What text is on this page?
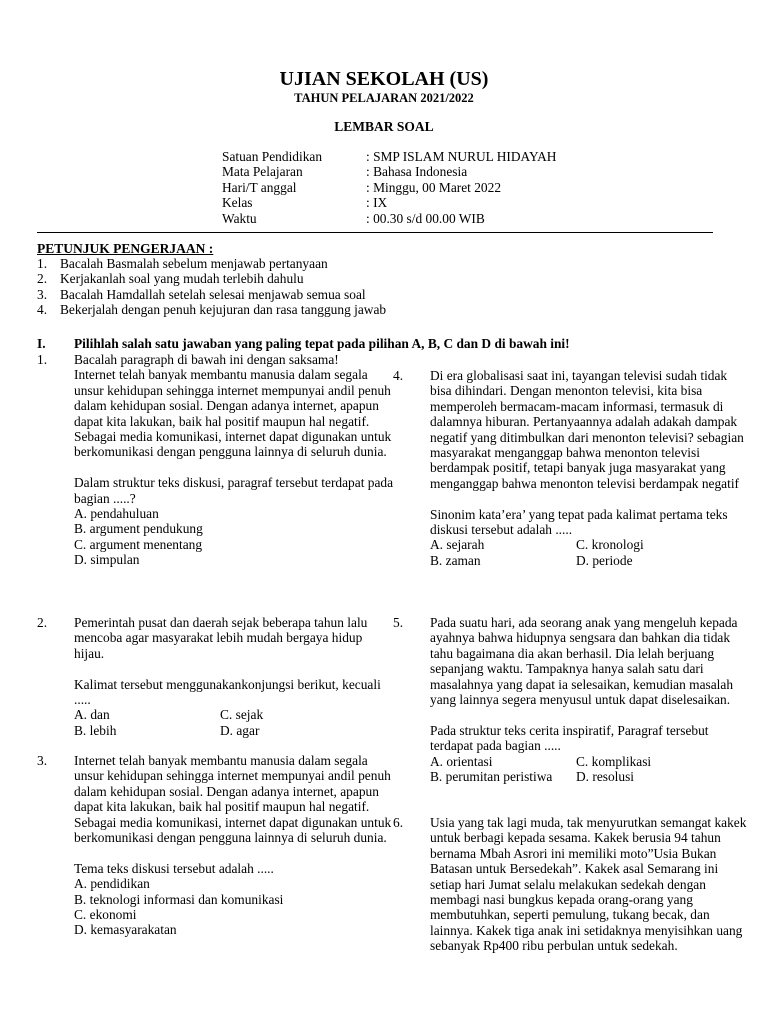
UJIAN SEKOLAH (US)
TAHUN PELAJARAN 2021/2022
LEMBAR SOAL
Satuan Pendidikan	: SMP ISLAM NURUL HIDAYAH
Mata Pelajaran	: Bahasa Indonesia
Hari/T anggal	: Minggu, 00 Maret 2022
Kelas	: IX
Waktu	: 00.30 s/d 00.00 WIB
PETUNJUK PENGERJAAN :
1. Bacalah Basmalah sebelum menjawab pertanyaan
2. Kerjakanlah soal yang mudah terlebih dahulu
3. Bacalah Hamdallah setelah selesai menjawab semua soal
4. Bekerjalah dengan penuh kejujuran dan rasa tanggung jawab
I. Pilihlah salah satu jawaban yang paling tepat pada pilihan A, B, C dan D di bawah ini!
1. Bacalah paragraph di bawah ini dengan saksama!

Internet telah banyak membantu manusia dalam segala unsur kehidupan sehingga internet mempunyai andil penuh dalam kehidupan sosial. Dengan adanya internet, apapun dapat kita lakukan, baik hal positif maupun hal negatif. Sebagai media komunikasi, internet dapat digunakan untuk berkomunikasi dengan pengguna lainnya di seluruh dunia.

Dalam struktur teks diskusi, paragraf tersebut terdapat pada bagian .....?

A. pendahuluan
B. argument pendukung
C. argument menentang
D. simpulan
2. Pemerintah pusat dan daerah sejak beberapa tahun lalu mencoba agar masyarakat lebih mudah bergaya hidup hijau.

Kalimat tersebut menggunakankonjungsi berikut, kecuali .....

A. dan	C. sejak
B. lebih	D. agar
3. Internet telah banyak membantu manusia dalam segala unsur kehidupan sehingga internet mempunyai andil penuh dalam kehidupan sosial. Dengan adanya internet, apapun dapat kita lakukan, baik hal positif maupun hal negatif. Sebagai media komunikasi, internet dapat digunakan untuk berkomunikasi dengan pengguna lainnya di seluruh dunia.

Tema teks diskusi tersebut adalah .....

A. pendidikan
B. teknologi informasi dan komunikasi
C. ekonomi
D. kemasyarakatan
4. Di era globalisasi saat ini, tayangan televisi sudah tidak bisa dihindari. Dengan menonton televisi, kita bisa memperoleh bermacam-macam informasi, termasuk di dalamnya hiburan. Pertanyaannya adalah adakah dampak negatif yang ditimbulkan dari menonton televisi? sebagian masyarakat menganggap bahwa menonton televisi berdampak positif, tetapi banyak juga masyarakat yang menganggap bahwa menonton televisi berdampak negatif

Sinonim kata’era’ yang tepat pada kalimat pertama teks diskusi tersebut adalah .....

A. sejarah	C. kronologi
B. zaman	D. periode
5. Pada suatu hari, ada seorang anak yang mengeluh kepada ayahnya bahwa hidupnya sengsara dan bahkan dia tidak tahu bagaimana dia akan berhasil. Dia lelah berjuang sepanjang waktu. Tampaknya hanya salah satu dari masalahnya yang dapat ia selesaikan, kemudian masalah yang lainnya segera menyusul untuk dapat diselesaikan.

Pada struktur teks cerita inspiratif, Paragraf tersebut terdapat pada bagian .....

A. orientasi	C. komplikasi
B. perumitan peristiwa	D. resolusi
6. Usia yang tak lagi muda, tak menyurutkan semangat kakek untuk berbagi kepada sesama. Kakek berusia 94 tahun bernama Mbah Asrori ini memiliki moto”Usia Bukan Batasan untuk Bersedekah”. Kakek asal Semarang ini setiap hari Jumat selalu melakukan sedekah dengan membagi nasi bungkus kepada orang-orang yang membutuhkan, seperti pemulung, tukang becak, dan lainnya. Kakek tiga anak ini setidaknya menyisihkan uang sebanyak Rp400 ribu perbulan untuk sedekah.
